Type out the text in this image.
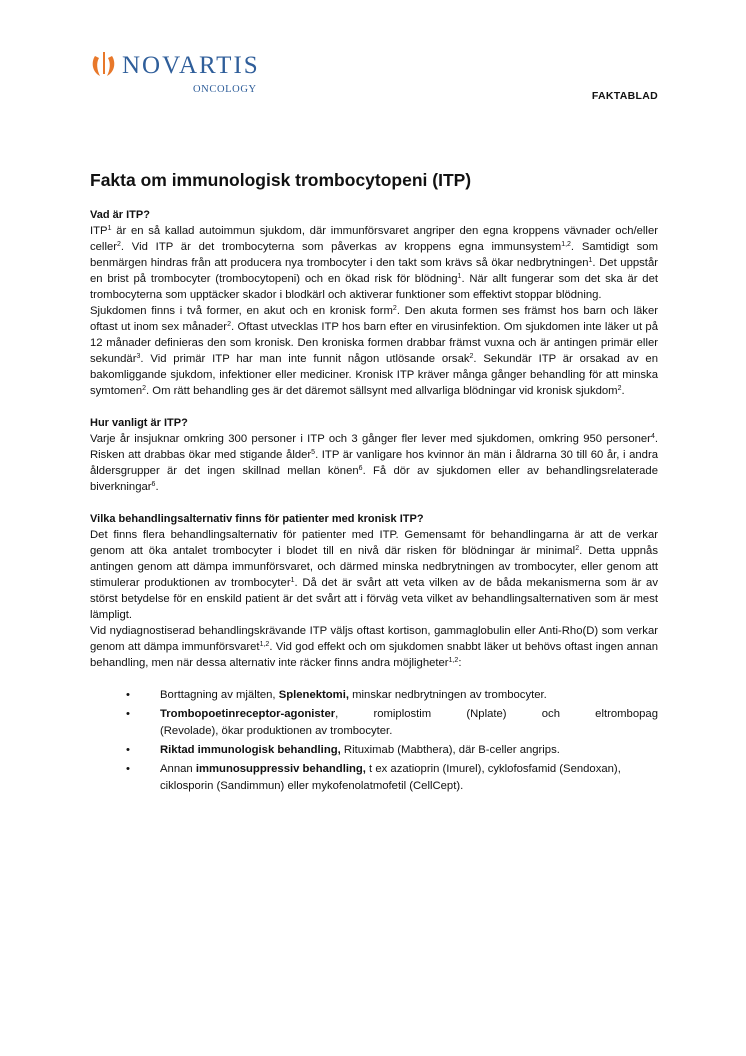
NOVARTIS
ONCOLOGY
FAKTABLAD
Fakta om immunologisk trombocytopeni (ITP)
Vad är ITP?

ITP$^1$ är en så kallad autoimmun sjukdom, där immunförsvaret angriper den egna kroppens vävnader och/eller celler$^2$. Vid ITP är det trombocyterna som påverkas av kroppens egna immunsystem$^{1,2}$. Samtidigt som benmärgen hindras från att producera nya trombocyter i den takt som krävs så ökar nedbrytningen$^1$. Det uppstår en brist på trombocyter (trombocytopeni) och en ökad risk för blödning$^1$. När allt fungerar som det ska är det trombocyterna som upptäcker skador i blodkärl och aktiverar funktioner som effektivt stoppar blödning.

Sjukdomen finns i två former, en akut och en kronisk form$^2$. Den akuta formen ses främst hos barn och läker oftast ut inom sex månader$^2$. Oftast utvecklas ITP hos barn efter en virusinfektion. Om sjukdomen inte läker ut på 12 månader definieras den som kronisk. Den kroniska formen drabbar främst vuxna och är antingen primär eller sekundär$^3$. Vid primär ITP har man inte funnit någon utlösande orsak$^2$. Sekundär ITP är orsakad av en bakomliggande sjukdom, infektioner eller mediciner. Kronisk ITP kräver många gånger behandling för att minska symtomen$^2$. Om rätt behandling ges är det däremot sällsynt med allvarliga blödningar vid kronisk sjukdom$^2$.

Hur vanligt är ITP?

Varje år insjuknar omkring 300 personer i ITP och 3 gånger fler lever med sjukdomen, omkring 950 personer$^4$. Risken att drabbas ökar med stigande ålder$^5$. ITP är vanligare hos kvinnor än män i åldrarna 30 till 60 år, i andra åldersgrupper är det ingen skillnad mellan könen$^6$. Få dör av sjukdomen eller av behandlingsrelaterade biverkningar$^6$.

Vilka behandlingsalternativ finns för patienter med kronisk ITP?

Det finns flera behandlingsalternativ för patienter med ITP. Gemensamt för behandlingarna är att de verkar genom att öka antalet trombocyter i blodet till en nivå där risken för blödningar är minimal$^2$. Detta uppnås antingen genom att dämpa immunförsvaret, och därmed minska nedbrytningen av trombocyter, eller genom att stimulerar produktionen av trombocyter$^1$. Då det är svårt att veta vilken av de båda mekanismerna som är av störst betydelse för en enskild patient är det svårt att i förväg veta vilket av behandlingsalternativen som är mest lämpligt.

Vid nydiagnostiserad behandlingskrävande ITP väljs oftast kortison, gammaglobulin eller Anti-Rho(D) som verkar genom att dämpa immunförsvaret$^{1,2}$. Vid god effekt och om sjukdomen snabbt läker ut behövs oftast ingen annan behandling, men när dessa alternativ inte räcker finns andra möjligheter$^{1,2}$:

•	Borttagning av mjälten, Splenektomi, minskar nedbrytningen av trombocyter.
•	Trombopoetinreceptor-agonister,	romiplostim	(Nplate)	och	eltrombopag
(Revolade), ökar produktionen av trombocyter.
•	Riktad immunologisk behandling, Rituximab (Mabthera), där B-celler angrips.
•	Annan immunosuppressiv behandling, t ex azatioprin (Imurel), cyklofosfamid (Sendoxan), ciklosporin (Sandimmun) eller mykofenolatmofetil (CellCept).
